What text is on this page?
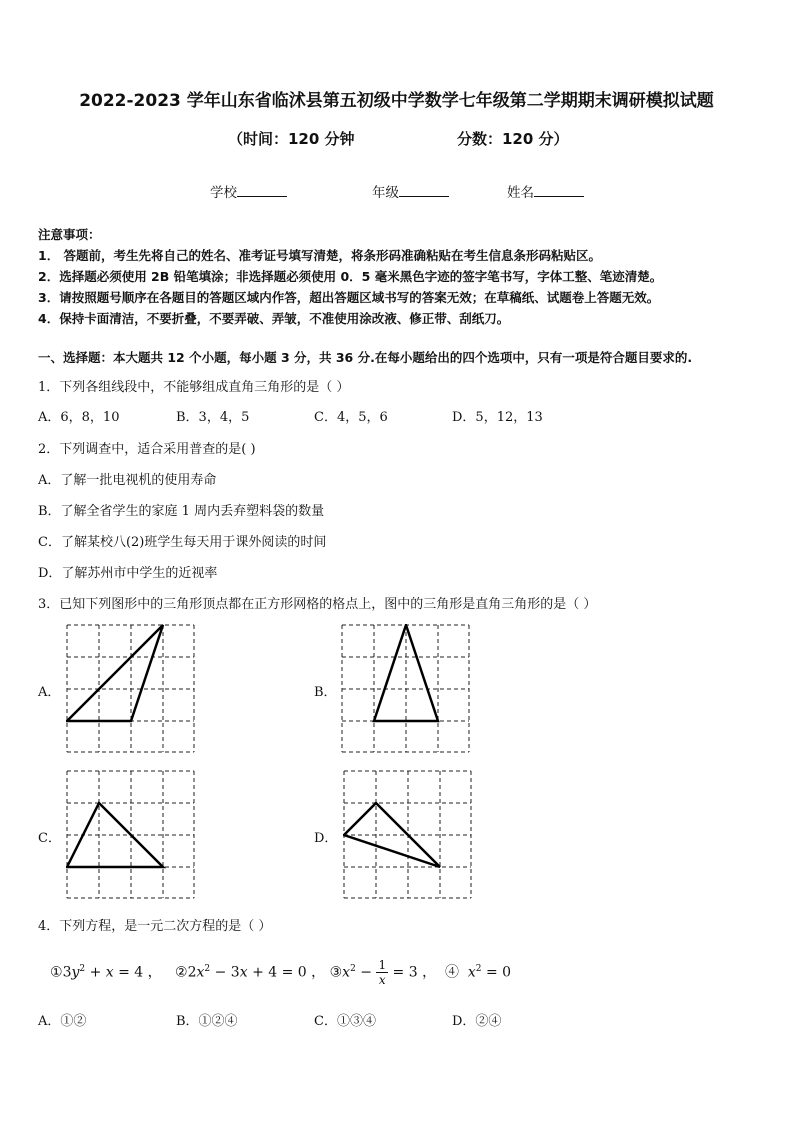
2022-2023 学年山东省临沭县第五初级中学数学七年级第二学期期末调研模拟试题
（时间：120 分钟	分数：120 分）
学校	年级	姓名
注意事项：
1． 答题前，考生先将自己的姓名、准考证号填写清楚，将条形码准确粘贴在考生信息条形码粘贴区。
2．选择题必须使用 2B 铅笔填涂；非选择题必须使用 0．5 毫米黑色字迹的签字笔书写，字体工整、笔迹清楚。
3．请按照题号顺序在各题目的答题区域内作答，超出答题区域书写的答案无效；在草稿纸、试题卷上答题无效。
4．保持卡面清洁，不要折叠，不要弄破、弄皱，不准使用涂改液、修正带、刮纸刀。
一、选择题：本大题共 12 个小题，每小题 3 分，共 36 分.在每小题给出的四个选项中，只有一项是符合题目要求的.
1．下列各组线段中，不能够组成直角三角形的是（ ）
A．6，8，10	B．3，4，5	C．4，5，6	D．5，12，13
2．下列调查中，适合采用普查的是( )
A．了解一批电视机的使用寿命
B．了解全省学生的家庭 1 周内丢弃塑料袋的数量
C．了解某校八(2)班学生每天用于课外阅读的时间
D．了解苏州市中学生的近视率
3．已知下列图形中的三角形顶点都在正方形网格的格点上，图中的三角形是直角三角形的是（ ）
A．	B．
C．	D．
4．下列方程，是一元二次方程的是（ ）
$①3y^2 + x = 4$ ， $②2x^2 - 3x + 4 = 0$ ， $③x^2 - \frac{1}{x} = 3$ ，  ④  $x^2 = 0$
A．①②	B．①②④	C．①③④	D．②④
